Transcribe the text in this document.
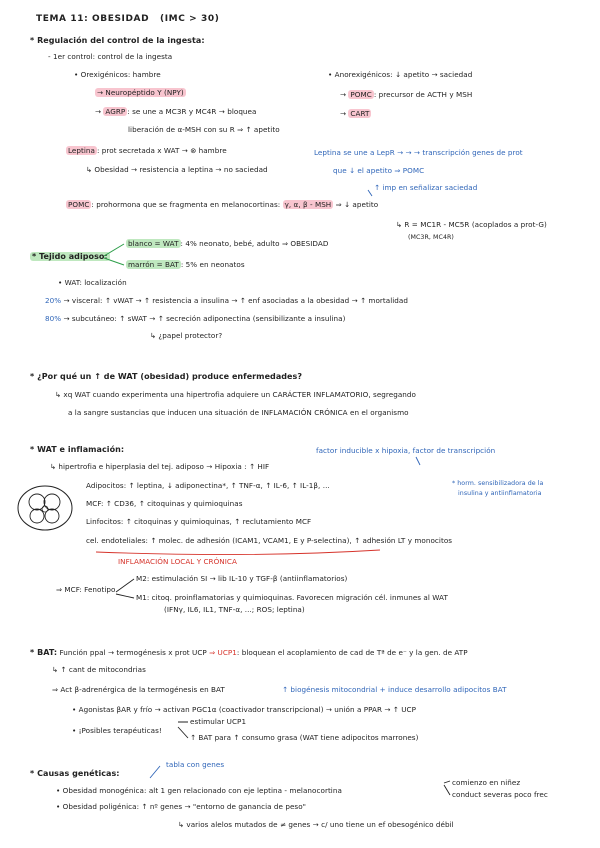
TEMA 11: OBESIDAD (IMC > 30)
* Regulación del control de la ingesta:
- 1er control: control de la ingesta
• Orexigénicos: hambre
→ Neuropéptido Y (NPY)
→ AGRP : se une a MC3R y MC4R → bloquea
liberación de α-MSH con su R ⇒ ↑ apetito
• Anorexigénicos: ↓ apetito → saciedad
→ POMC : precursor de ACTH y MSH
→ CART
Leptina : prot secretada x WAT → ⊗ hambre
↳ Obesidad → resistencia a leptina → no saciedad
Leptina se une a LepR → → → transcripción genes de prot
que ↓ el apetito ⇒ POMC
↑ imp en señalizar saciedad
POMC : prohormona que se fragmenta en melanocortinas: γ, α, β - MSH ⇒ ↓ apetito
↳ R = MC1R - MC5R (acoplados a prot-G)
(MC3R, MC4R)
* Tejido adiposo:
blanco = WAT : 4% neonato, bebé, adulto ⇒ OBESIDAD
marrón = BAT : 5% en neonatos
• WAT: localización
20% → visceral: ↑ vWAT → ↑ resistencia a insulina → ↑ enf asociadas a la obesidad → ↑ mortalidad
80% → subcutáneo: ↑ sWAT → ↑ secreción adiponectina (sensibilizante a insulina)
↳ ¿papel protector?
* ¿Por qué un ↑ de WAT (obesidad) produce enfermedades?
↳ xq WAT cuando experimenta una hipertrofia adquiere un CARÁCTER INFLAMATORIO, segregando
a la sangre sustancias que inducen una situación de INFLAMACIÓN CRÓNICA en el organismo
* WAT e inflamación:	factor inducible x hipoxia, factor de transcripción
↳ hipertrofia e hiperplasia del tej. adiposo → Hipoxia : ↑ HIF
Adipocitos: ↑ leptina, ↓ adiponectina*, ↑ TNF-α, ↑ IL-6, ↑ IL-1β, ...	* horm. sensibilizadora de la
insulina y antiinflamatoria
MCF: ↑ CD36, ↑ citoquinas y quimioquinas
Linfocitos: ↑ citoquinas y quimioquinas, ↑ reclutamiento MCF
cel. endoteliales: ↑ molec. de adhesión (ICAM1, VCAM1, E y P-selectina), ↑ adhesión LT y monocitos
INFLAMACIÓN LOCAL Y CRÓNICA
⇒ MCF: Fenotipo
M2: estimulación SI → lib IL-10 y TGF-β (antiinflamatorios)
M1: citoq. proinflamatorias y quimioquinas. Favorecen migración cél. inmunes al WAT
(IFNγ, IL6, IL1, TNF-α, ...; ROS; leptina)
* BAT: Función ppal → termogénesis x prot UCP ⇒ UCP1: bloquean el acoplamiento de cad de Tª de e⁻ y la gen. de ATP
↳ ↑ cant de mitocondrias
⇒ Act β-adrenérgica de la termogénesis en BAT	↑ biogénesis mitocondrial + induce desarrollo adipocitos BAT
• Agonistas βAR y frío → activan PGC1α (coactivador transcripcional) → unión a PPAR → ↑ UCP
• ¡Posibles terapéuticas!
estimular UCP1
↑ BAT para ↑ consumo grasa (WAT tiene adipocitos marrones)
* Causas genéticas:
tabla con genes
• Obesidad monogénica: alt 1 gen relacionado con eje leptina - melanocortina
comienzo en niñez
conduct severas poco frec
• Obesidad poligénica: ↑ nº genes → "entorno de ganancia de peso"
↳ varios alelos mutados de ≠ genes → c/ uno tiene un ef obesogénico débil
